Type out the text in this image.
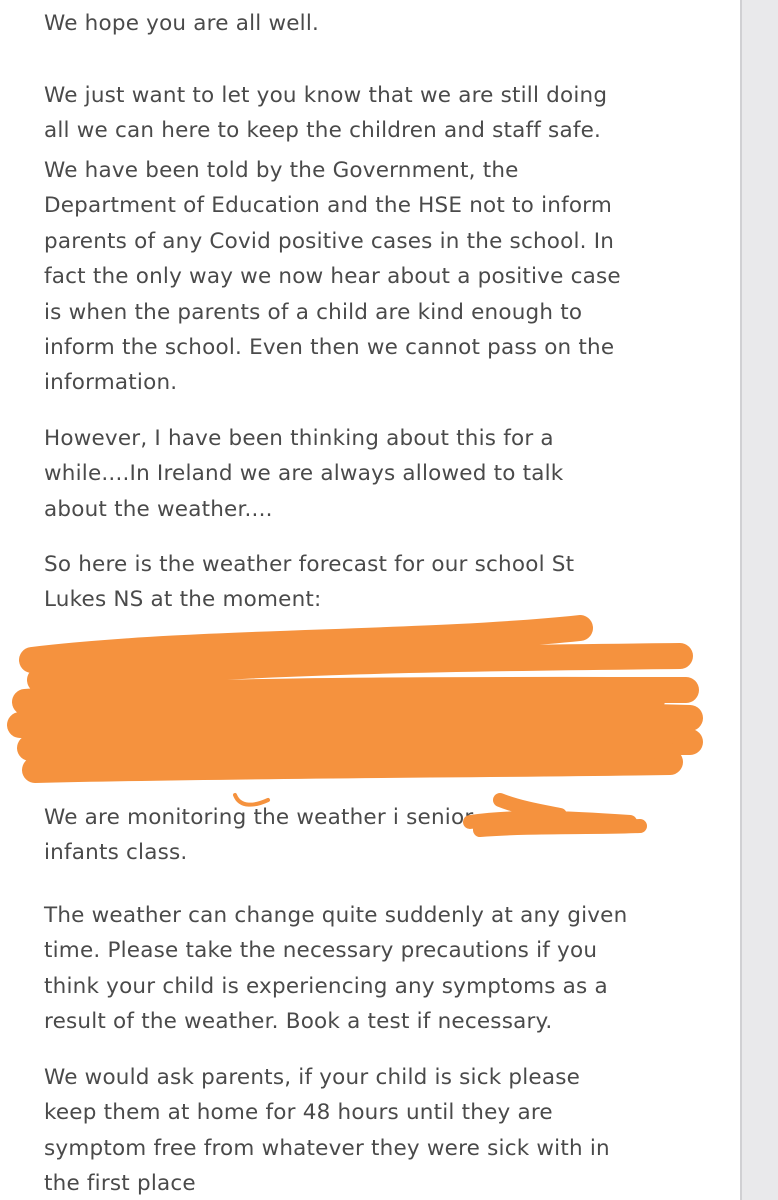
We hope you are all well.

We just want to let you know that we are still doing
all we can here to keep the children and staff safe.

We have been told by the Government, the
Department of Education and the HSE not to inform
parents of any Covid positive cases in the school. In
fact the only way we now hear about a positive case
is when the parents of a child are kind enough to
inform the school. Even then we cannot pass on the
information.

However, I have been thinking about this for a
while....In Ireland we are always allowed to talk
about the weather....

So here is the weather forecast for our school St
Lukes NS at the moment:

We are monitoring the weather i senior
infants class.

The weather can change quite suddenly at any given
time. Please take the necessary precautions if you
think your child is experiencing any symptoms as a
result of the weather. Book a test if necessary.

We would ask parents, if your child is sick please
keep them at home for 48 hours until they are
symptom free from whatever they were sick with in
the first place
